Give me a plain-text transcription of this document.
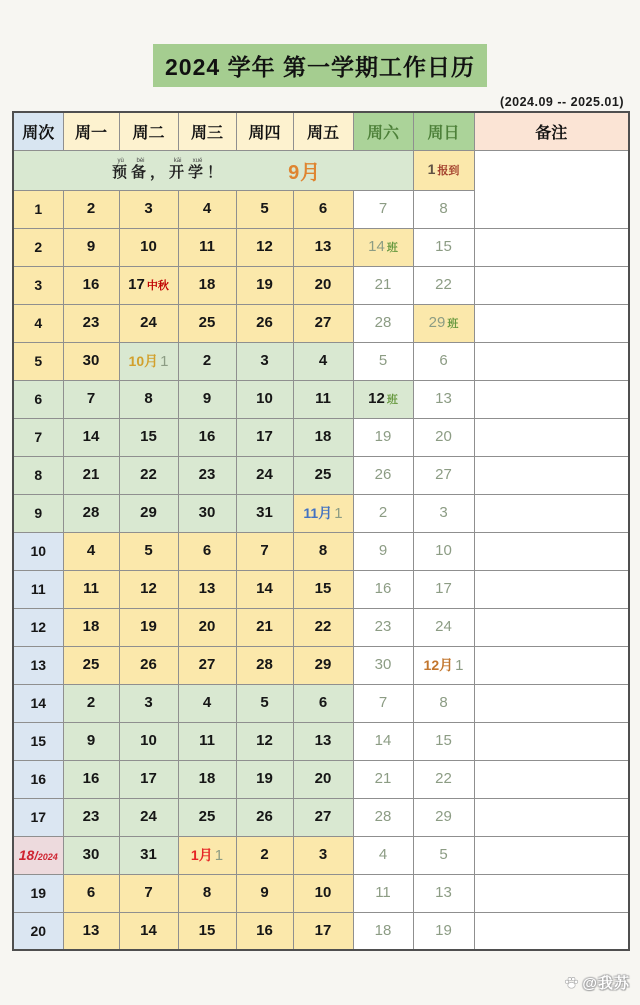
2024 学年 第一学期工作日历
(2024.09 -- 2025.01)
周次	周一	周二	周三	周四	周五	周六	周日	备注

预备yù bèi，开学kāi xué！ 9月							1 报到	
1	2	3	4	5	6	7	8	
2	9	10	11	12	13	14 班	15	
3	16	17 中秋	18	19	20	21	22	
4	23	24	25	26	27	28	29 班	
5	30	10月 1	2	3	4	5	6	
6	7	8	9	10	11	12 班	13	
7	14	15	16	17	18	19	20	
8	21	22	23	24	25	26	27	
9	28	29	30	31	11月 1	2	3	
10	4	5	6	7	8	9	10	
11	11	12	13	14	15	16	17	
12	18	19	20	21	22	23	24	
13	25	26	27	28	29	30	12月 1	
14	2	3	4	5	6	7	8	
15	9	10	11	12	13	14	15	
16	16	17	18	19	20	21	22	
17	23	24	25	26	27	28	29	
18/2024	30	31	1月 1	2	3	4	5	
19	6	7	8	9	10	11	13	
20	13	14	15	16	17	18	19	
@我苏
